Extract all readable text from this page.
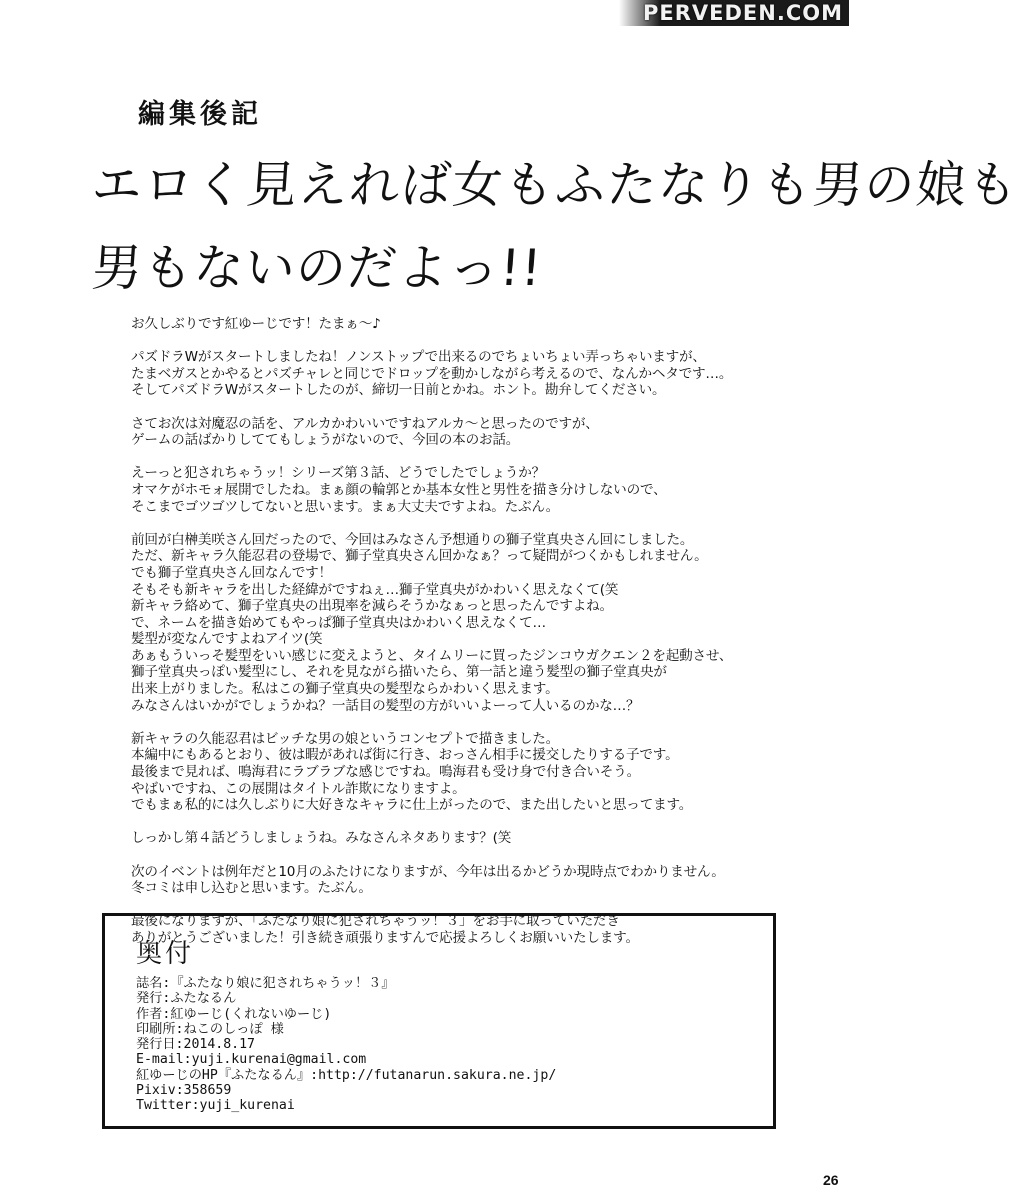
PERVEDEN.COM
編集後記
エロく見えれば女もふたなりも男の娘も
男もないのだよっ!!

お久しぶりです紅ゆーじです！たまぁ～♪

パズドラWがスタートしましたね！ノンストップで出来るのでちょいちょい弄っちゃいますが、
たまベガスとかやるとパズチャレと同じでドロップを動かしながら考えるので、なんかヘタです…。
そしてパズドラWがスタートしたのが、締切一日前とかね。ホント。勘弁してください。

さてお次は対魔忍の話を、アルカかわいいですねアルカ～と思ったのですが、
ゲームの話ばかりしててもしょうがないので、今回の本のお話。

えーっと犯されちゃうッ！シリーズ第３話、どうでしたでしょうか？
オマケがホモォ展開でしたね。まぁ顔の輪郭とか基本女性と男性を描き分けしないので、
そこまでゴツゴツしてないと思います。まぁ大丈夫ですよね。たぶん。

前回が白榊美咲さん回だったので、今回はみなさん予想通りの獅子堂真央さん回にしました。
ただ、新キャラ久能忍君の登場で、獅子堂真央さん回かなぁ？って疑問がつくかもしれません。
でも獅子堂真央さん回なんです！
そもそも新キャラを出した経緯がですねぇ…獅子堂真央がかわいく思えなくて(笑
新キャラ絡めて、獅子堂真央の出現率を減らそうかなぁっと思ったんですよね。
で、ネームを描き始めてもやっぱ獅子堂真央はかわいく思えなくて…
髪型が変なんですよねアイツ(笑
あぁもういっそ髪型をいい感じに変えようと、タイムリーに買ったジンコウガクエン２を起動させ、
獅子堂真央っぽい髪型にし、それを見ながら描いたら、第一話と違う髪型の獅子堂真央が
出来上がりました。私はこの獅子堂真央の髪型ならかわいく思えます。
みなさんはいかがでしょうかね？一話目の髪型の方がいいよーって人いるのかな…？

新キャラの久能忍君はビッチな男の娘というコンセプトで描きました。
本編中にもあるとおり、彼は暇があれば街に行き、おっさん相手に援交したりする子です。
最後まで見れば、鳴海君にラブラブな感じですね。鳴海君も受け身で付き合いそう。
やばいですね、この展開はタイトル詐欺になりますよ。
でもまぁ私的には久しぶりに大好きなキャラに仕上がったので、また出したいと思ってます。

しっかし第４話どうしましょうね。みなさんネタあります？(笑

次のイベントは例年だと10月のふたけになりますが、今年は出るかどうか現時点でわかりません。
冬コミは申し込むと思います。たぶん。

最後になりますが、「ふたなり娘に犯されちゃうッ！３」をお手に取っていただき
ありがとうございました！引き続き頑張りますんで応援よろしくお願いいたします。

奥付
誌名:『ふたなり娘に犯されちゃうッ！３』
発行:ふたなるん
作者:紅ゆーじ(くれないゆーじ)
印刷所:ねこのしっぽ 様
発行日:2014.8.17
E-mail:yuji.kurenai@gmail.com
紅ゆーじのHP『ふたなるん』:http://futanarun.sakura.ne.jp/
Pixiv:358659
Twitter:yuji_kurenai
26
